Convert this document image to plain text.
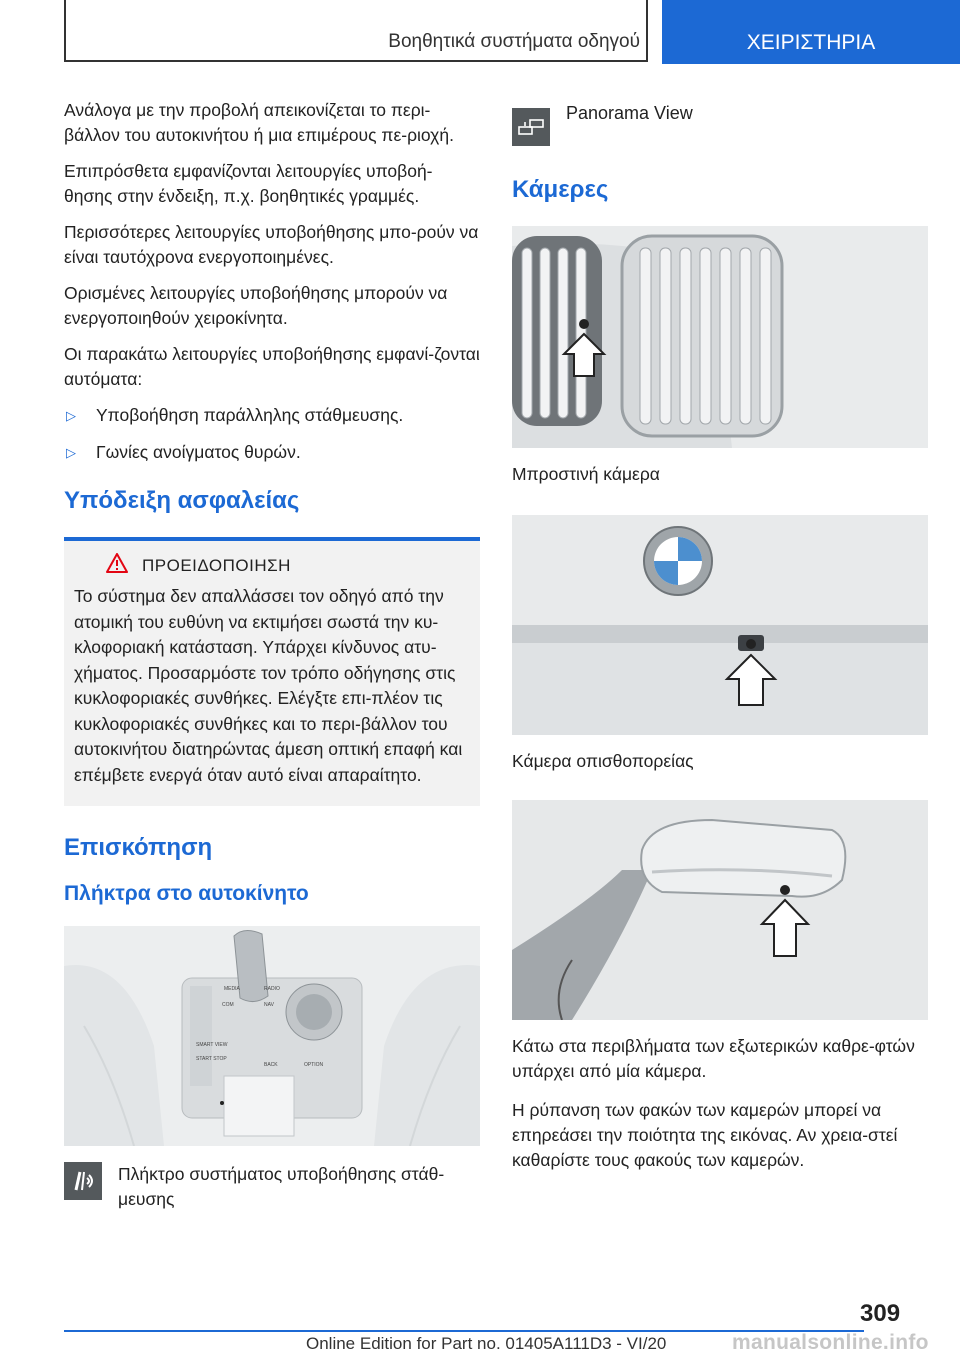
Βοηθητικά συστήματα οδηγού	ΧΕΙΡΙΣΤΗΡΙΑ

Ανάλογα με την προβολή απεικονίζεται το περι-βάλλον του αυτοκινήτου ή μια επιμέρους πε-ριοχή.

Επιπρόσθετα εμφανίζονται λειτουργίες υποβοή-θησης στην ένδειξη, π.χ. βοηθητικές γραμμές.

Περισσότερες λειτουργίες υποβοήθησης μπο-ρούν να είναι ταυτόχρονα ενεργοποιημένες.

Ορισμένες λειτουργίες υποβοήθησης μπορούν να ενεργοποιηθούν χειροκίνητα.

Οι παρακάτω λειτουργίες υποβοήθησης εμφανί-ζονται αυτόματα:

▷ Υποβοήθηση παράλληλης στάθμευσης.
▷ Γωνίες ανοίγματος θυρών.
Υπόδειξη ασφαλείας
ΠΡΟΕΙΔΟΠΟΙΗΣΗ
Το σύστημα δεν απαλλάσσει τον οδηγό από την ατομική του ευθύνη να εκτιμήσει σωστά την κυ-κλοφοριακή κατάσταση. Υπάρχει κίνδυνος ατυ-χήματος. Προσαρμόστε τον τρόπο οδήγησης στις κυκλοφοριακές συνθήκες. Ελέγξτε επι-πλέον τις κυκλοφοριακές συνθήκες και το περι-βάλλον του αυτοκινήτου διατηρώντας άμεση οπτική επαφή και επέμβετε ενεργά όταν αυτό είναι απαραίτητο.
Επισκόπηση
Πλήκτρα στο αυτοκίνητο
MEDIA	RADIO
COM	NAV
BACK	OPTION
SMART VIEW
START STOP
Πλήκτρο συστήματος υποβοήθησης στάθ-μευσης
Panorama View
Κάμερες

Μπροστινή κάμερα

Κάμερα οπισθοπορείας

Κάτω στα περιβλήματα των εξωτερικών καθρε-φτών υπάρχει από μία κάμερα.

Η ρύπανση των φακών των καμερών μπορεί να επηρεάσει την ποιότητα της εικόνας. Αν χρεια-στεί καθαρίστε τους φακούς των καμερών.

309
Online Edition for Part no. 01405A111D3 - VI/20	manualsonline.info
